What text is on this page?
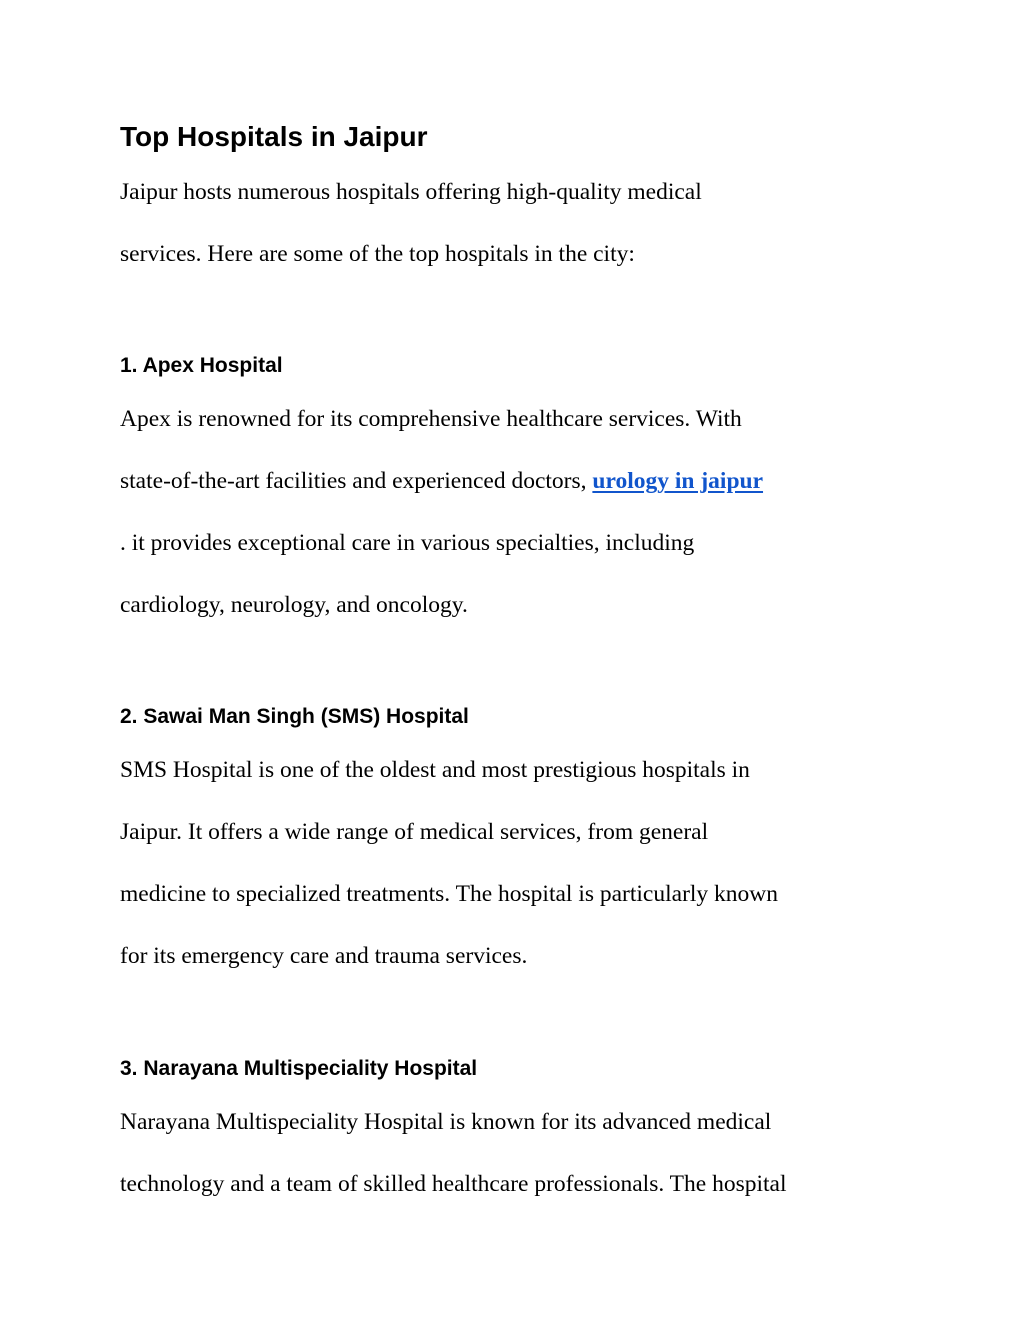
Top Hospitals in Jaipur

Jaipur hosts numerous hospitals offering high-quality medical

services. Here are some of the top hospitals in the city:

1. Apex Hospital

Apex is renowned for its comprehensive healthcare services. With

state-of-the-art facilities and experienced doctors, urology in jaipur

. it provides exceptional care in various specialties, including

cardiology, neurology, and oncology.

2. Sawai Man Singh (SMS) Hospital

SMS Hospital is one of the oldest and most prestigious hospitals in

Jaipur. It offers a wide range of medical services, from general

medicine to specialized treatments. The hospital is particularly known

for its emergency care and trauma services.

3. Narayana Multispeciality Hospital

Narayana Multispeciality Hospital is known for its advanced medical

technology and a team of skilled healthcare professionals. The hospital
